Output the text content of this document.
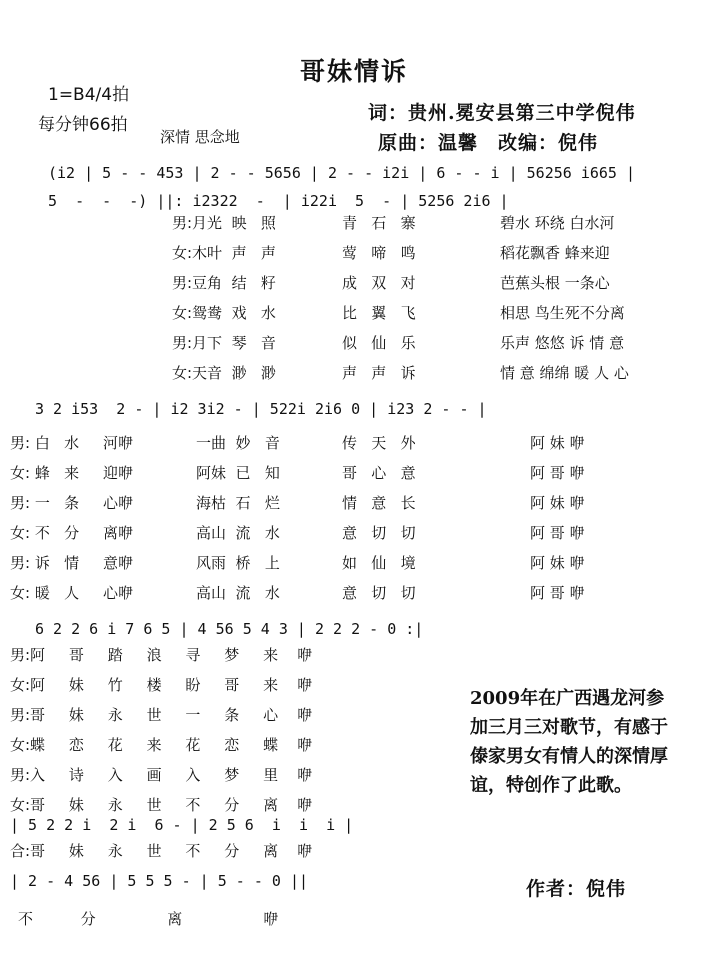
哥妹情诉
1=B4/4拍
每分钟66拍
深情 思念地
词：贵州.冕安县第三中学倪伟
原曲：温馨　改编：倪伟
(i2 | 5 - - 453 | 2 - - 5656 | 2 - - i2i | 6 - - i | 56256 i665 |
5  -  -  -) ||: i2322  -  | i22i  5  - | 5256 2i6 |
男:月光  映   照	青   石   寨	碧水 环绕 白水河
女:木叶  声   声	莺   啼   鸣	稻花飘香 蜂来迎
男:豆角  结   籽	成   双   对	芭蕉头根 一条心
女:鸳鸯  戏   水	比   翼   飞	相思 鸟生死不分离
男:月下  琴   音	似   仙   乐	乐声 悠悠 诉 情 意
女:天音  渺   渺	声   声   诉	情 意 绵绵 暖 人 心
3 2 i53  2 - | i2 3i2 - | 522i 2i6 0 | i23 2 - - |
男: 白   水     河咿	一曲  妙   音	传   天   外	阿 妹 咿
女: 蜂   来     迎咿	阿妹  已   知	哥   心   意	阿 哥 咿
男: 一   条     心咿	海枯  石   烂	情   意   长	阿 妹 咿
女: 不   分     离咿	高山  流   水	意   切   切	阿 哥 咿
男: 诉   情     意咿	风雨  桥   上	如   仙   境	阿 妹 咿
女: 暖   人     心咿	高山  流   水	意   切   切	阿 哥 咿
6 2 2 6 i 7 6 5 | 4 56 5 4 3 | 2 2 2 - 0 :|
男:阿     哥     踏     浪     寻     梦     来    咿
女:阿     妹     竹     楼     盼     哥     来    咿
男:哥     妹     永     世     一     条     心    咿
女:蝶     恋     花     来     花     恋     蝶    咿
男:入     诗     入     画     入     梦     里    咿
女:哥     妹     永     世     不     分     离    咿
| 5 2 2 i  2 i  6 - | 2 5 6  i  i  i |
合:哥     妹     永     世     不     分     离    咿
| 2 - 4 56 | 5 5 5 - | 5 - - 0 ||
不          分               离                 咿
2009年在广西遇龙河参加三月三对歌节，有感于傣家男女有情人的深情厚谊，特创作了此歌。
作者：倪伟
